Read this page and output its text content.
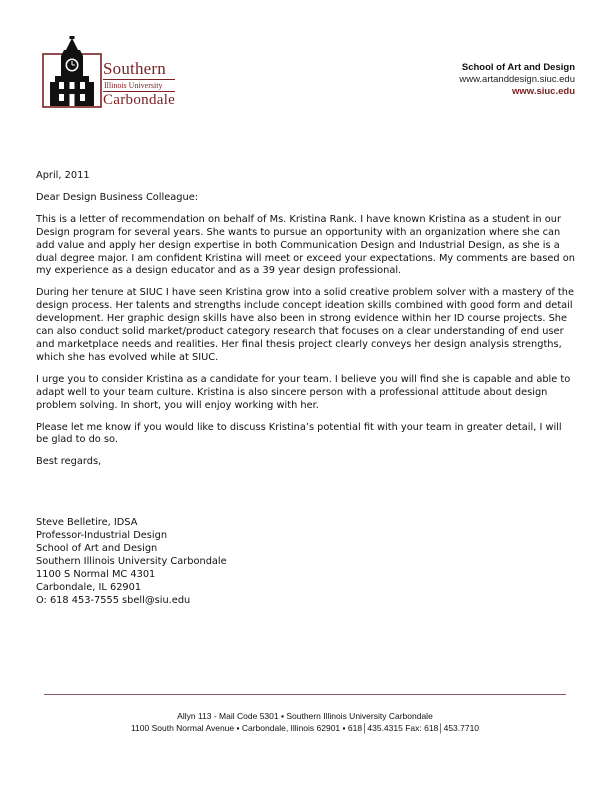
Southern
Illinois University
Carbondale
School of Art and Design
www.artanddesign.siuc.edu
www.siuc.edu

April, 2011

Dear Design Business Colleague:

This is a letter of recommendation on behalf of Ms. Kristina Rank. I have known Kristina as a student in our Design program for several years. She wants to pursue an opportunity with an organization where she can add value and apply her design expertise in both Communication Design and Industrial Design, as she is a dual degree major. I am confident Kristina will meet or exceed your expectations. My comments are based on my experience as a design educator and as a 39 year design professional.

During her tenure at SIUC I have seen Kristina grow into a solid creative problem solver with a mastery of the design process. Her talents and strengths include concept ideation skills combined with good form and detail development. Her graphic design skills have also been in strong evidence within her ID course projects. She can also conduct solid market/product category research that focuses on a clear understanding of end user and marketplace needs and realities. Her final thesis project clearly conveys her design analysis strengths, which she has evolved while at SIUC.

I urge you to consider Kristina as a candidate for your team. I believe you will find she is capable and able to adapt well to your team culture. Kristina is also sincere person with a professional attitude about design problem solving. In short, you will enjoy working with her.

Please let me know if you would like to discuss Kristina’s potential fit with your team in greater detail, I will be glad to do so.

Best regards,

Steve Belletire, IDSA
Professor-Industrial Design
School of Art and Design
Southern Illinois University Carbondale
1100 S Normal MC 4301
Carbondale, IL 62901
O: 618 453-7555 sbell@siu.edu
Allyn 113 - Mail Code 5301 ▪ Southern Illinois University Carbondale
1100 South Normal Avenue ▪ Carbondale, Illinois 62901 ▪ 618│435.4315 Fax: 618│453.7710
